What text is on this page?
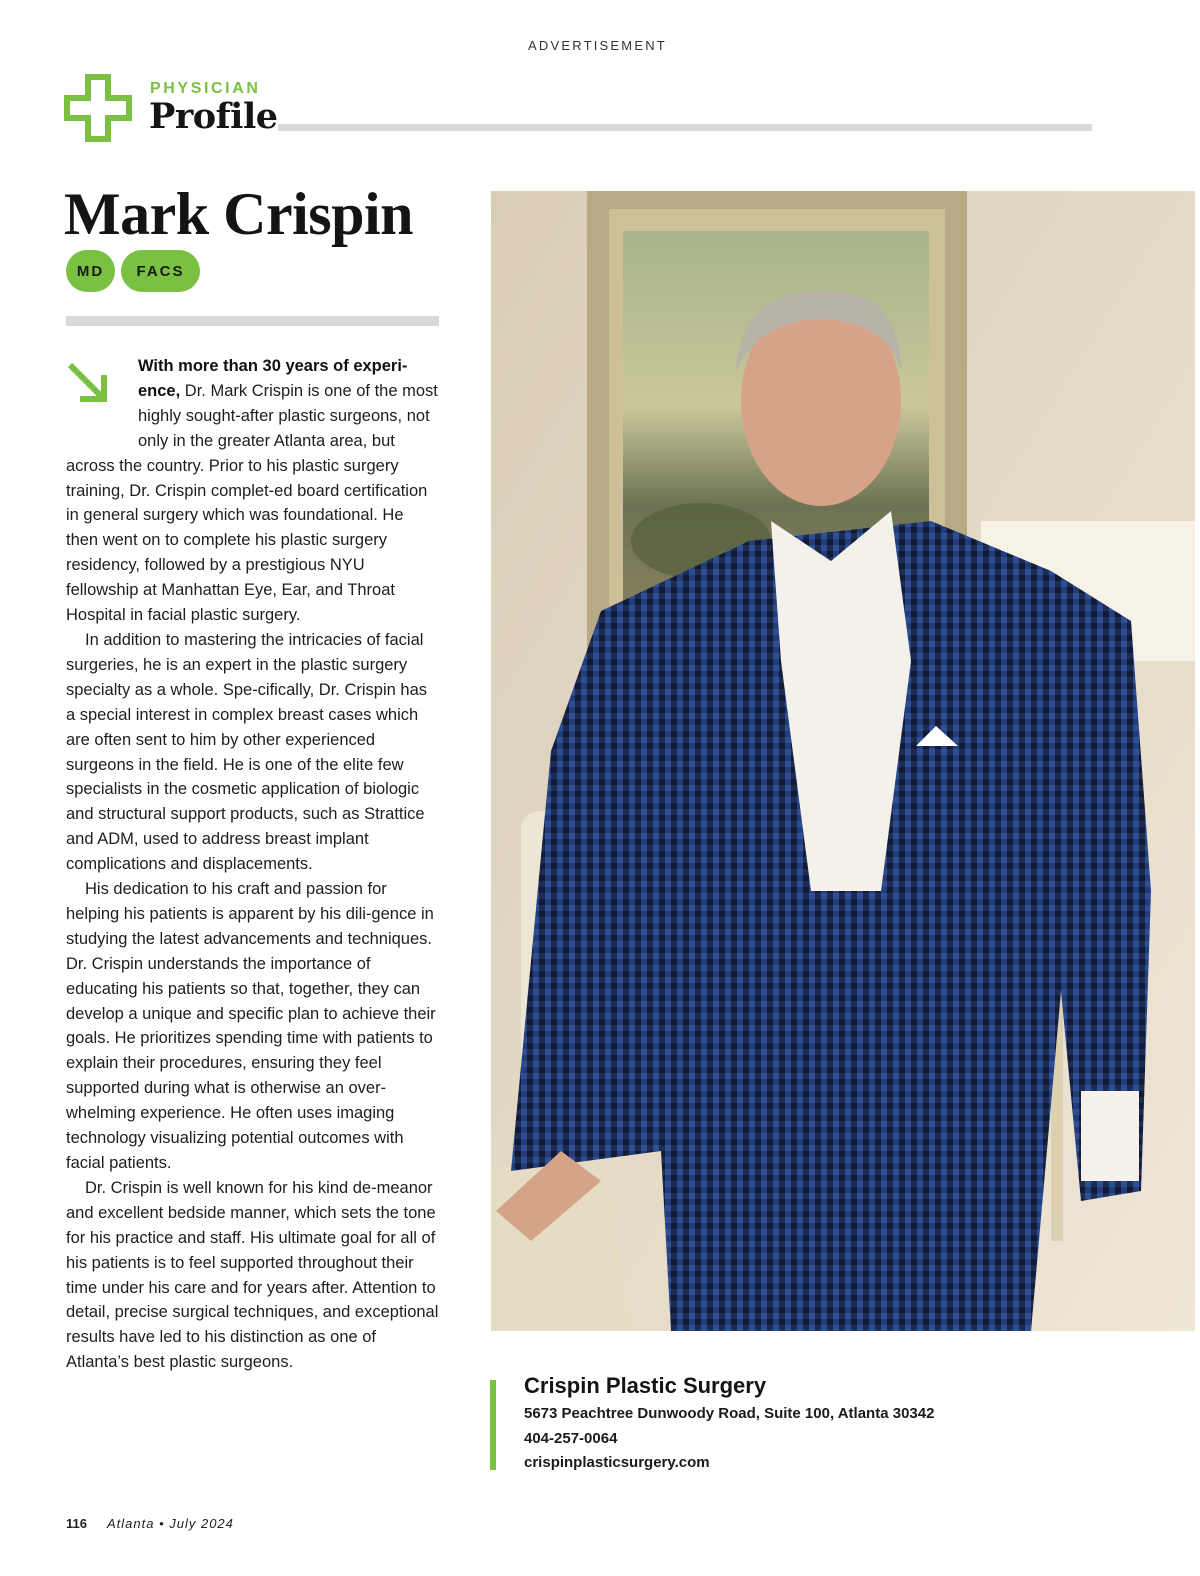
ADVERTISEMENT
PHYSICIAN
Profile
Mark Crispin
MD	FACS

With more than 30 years of experi-ence, Dr. Mark Crispin is one of the most highly sought-after plastic surgeons, not only in the greater Atlanta area, but across the country. Prior to his plastic surgery training, Dr. Crispin complet-ed board certification in general surgery which was foundational. He then went on to complete his plastic surgery residency, followed by a prestigious NYU fellowship at Manhattan Eye, Ear, and Throat Hospital in facial plastic surgery.

In addition to mastering the intricacies of facial surgeries, he is an expert in the plastic surgery specialty as a whole. Spe-cifically, Dr. Crispin has a special interest in complex breast cases which are often sent to him by other experienced surgeons in the field. He is one of the elite few specialists in the cosmetic application of biologic and structural support products, such as Strattice and ADM, used to address breast implant complications and displacements.

His dedication to his craft and passion for helping his patients is apparent by his dili-gence in studying the latest advancements and techniques. Dr. Crispin understands the importance of educating his patients so that, together, they can develop a unique and specific plan to achieve their goals. He prioritizes spending time with patients to explain their procedures, ensuring they feel supported during what is otherwise an over-whelming experience. He often uses imaging technology visualizing potential outcomes with facial patients.

Dr. Crispin is well known for his kind de-meanor and excellent bedside manner, which sets the tone for his practice and staff. His ultimate goal for all of his patients is to feel supported throughout their time under his care and for years after. Attention to detail, precise surgical techniques, and exceptional results have led to his distinction as one of Atlanta’s best plastic surgeons.

Crispin Plastic Surgery
5673 Peachtree Dunwoody Road, Suite 100, Atlanta 30342
404-257-0064
crispinplasticsurgery.com
116 Atlanta • July 2024
